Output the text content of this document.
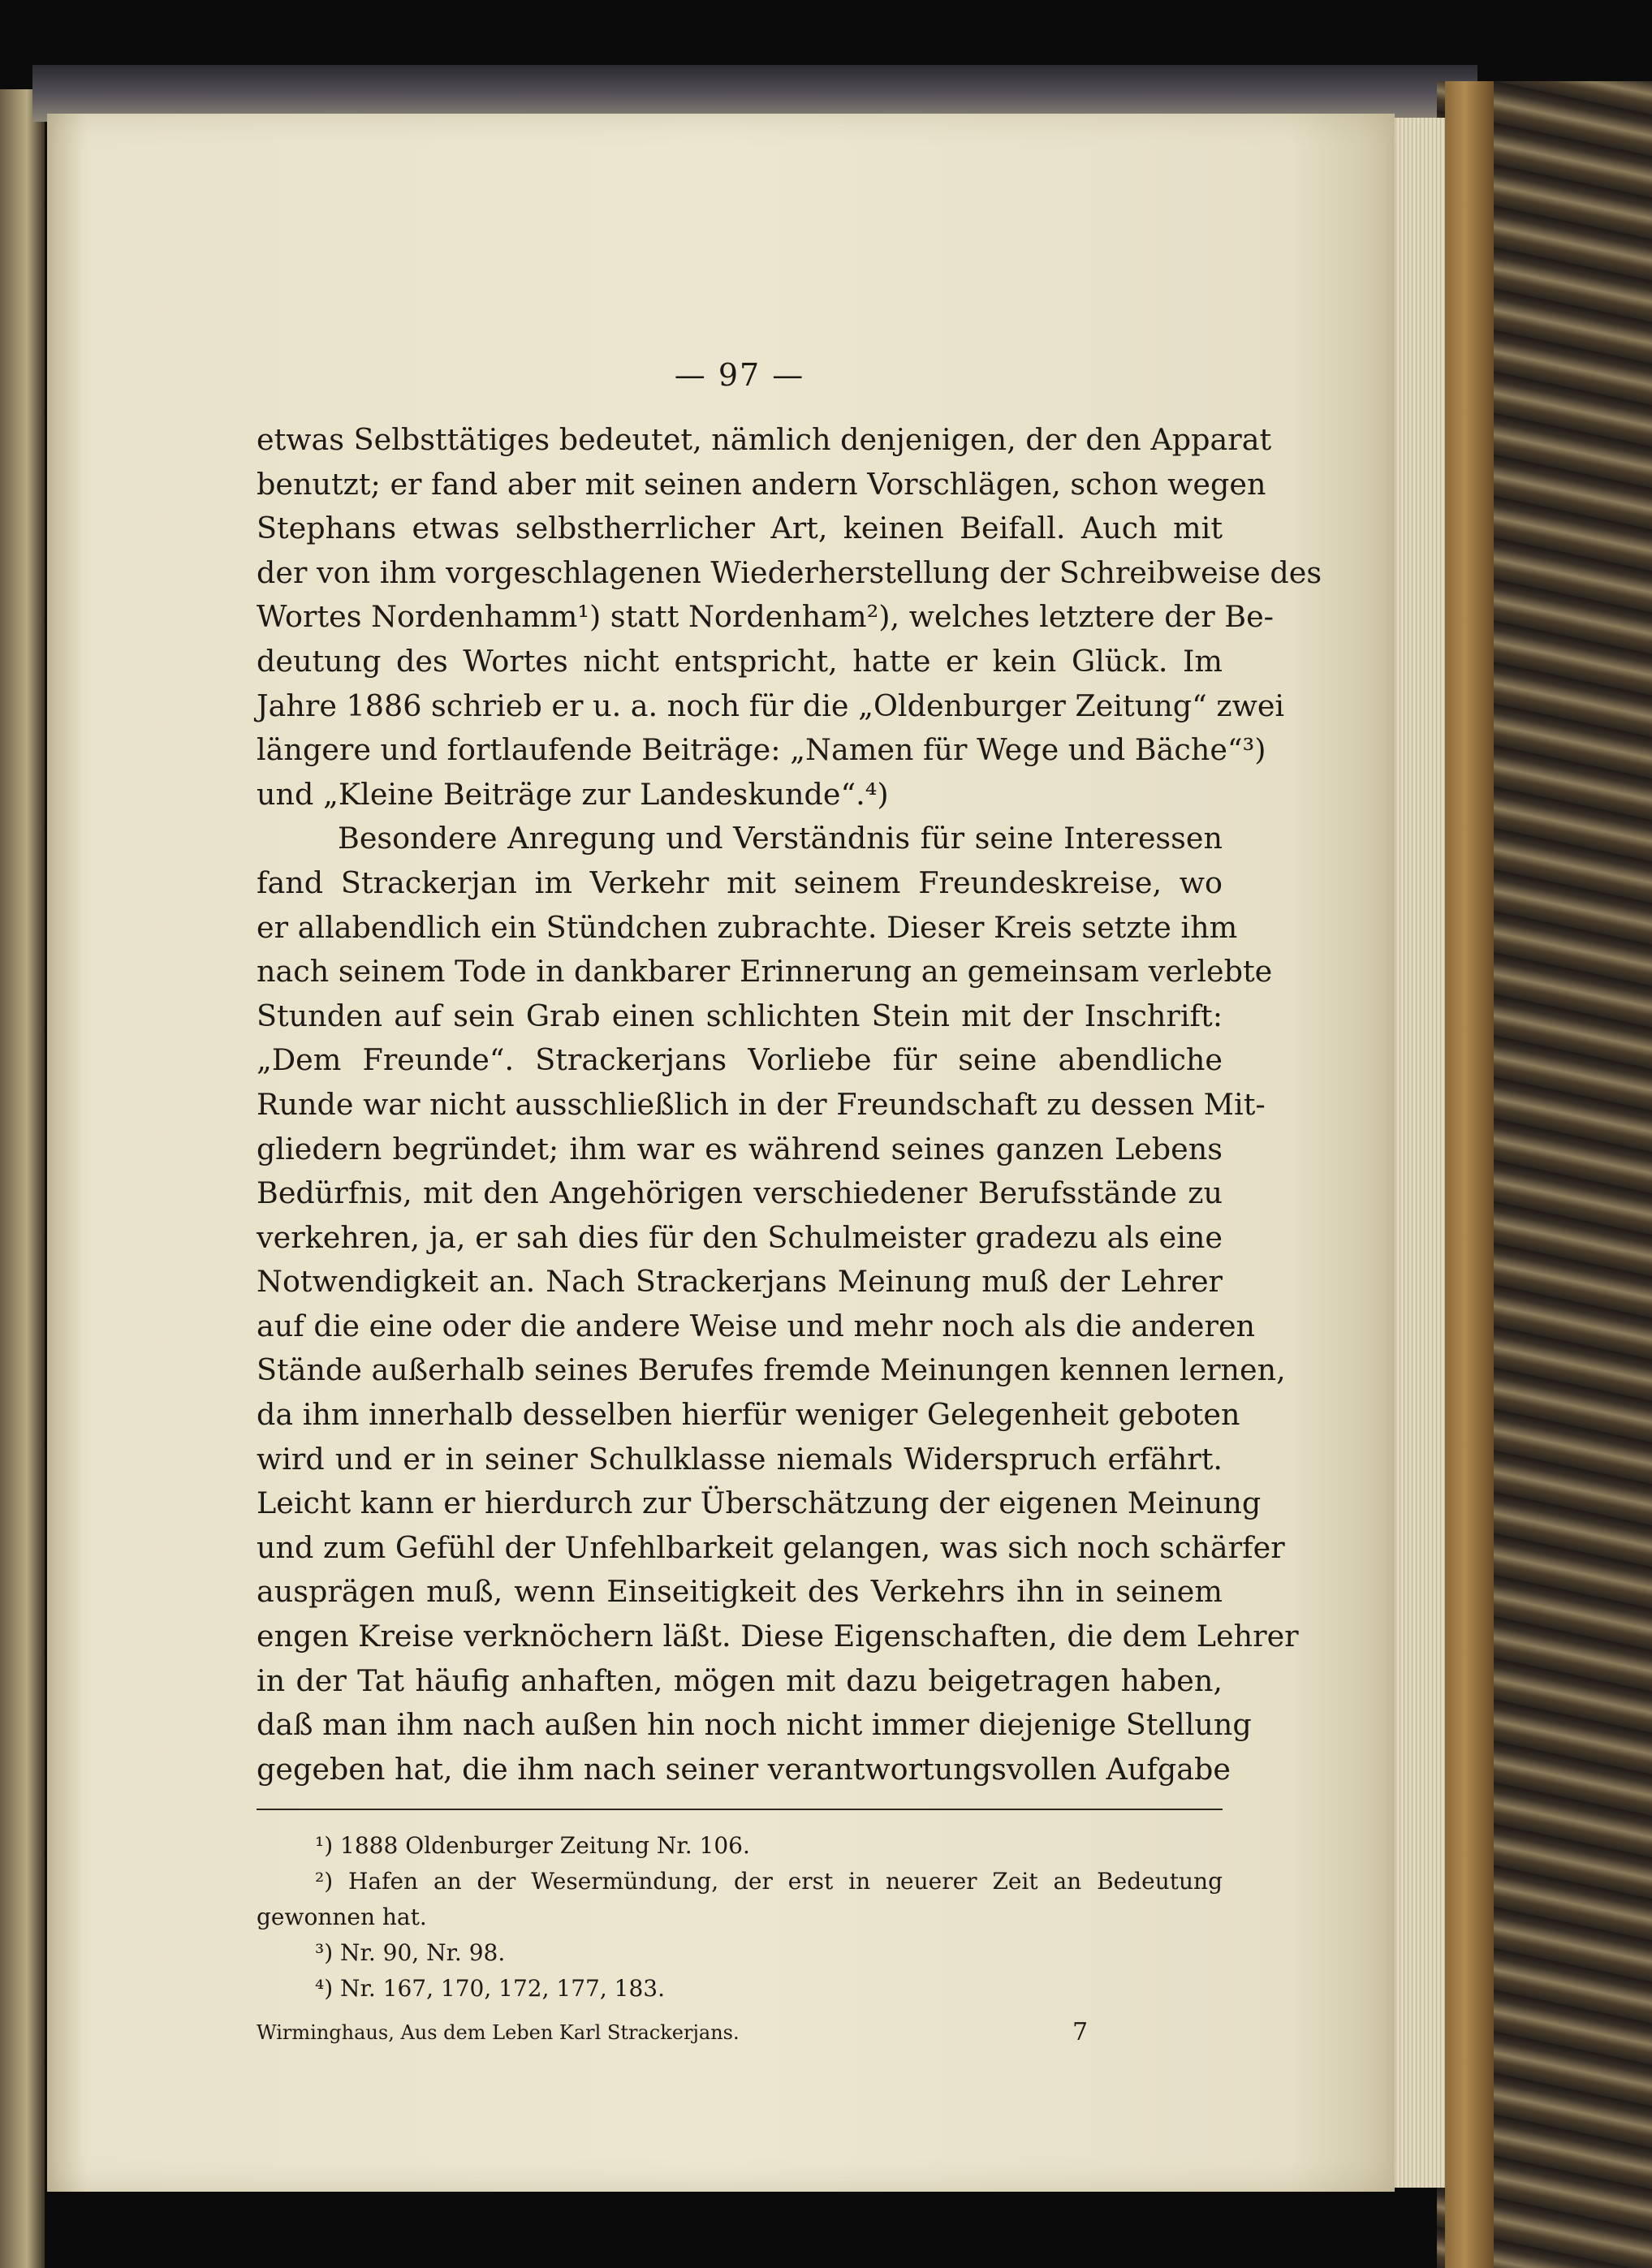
— 97 —
etwas Selbsttätiges bedeutet, nämlich denjenigen, der den Apparat
benutzt; er fand aber mit seinen andern Vorschlägen, schon wegen
Stephans etwas selbstherrlicher Art, keinen Beifall. Auch mit
der von ihm vorgeschlagenen Wiederherstellung der Schreibweise des
Wortes Nordenhamm¹) statt Nordenham²), welches letztere der Be-
deutung des Wortes nicht entspricht, hatte er kein Glück. Im
Jahre 1886 schrieb er u. a. noch für die „Oldenburger Zeitung“ zwei
längere und fortlaufende Beiträge: „Namen für Wege und Bäche“³)
und „Kleine Beiträge zur Landeskunde“.⁴)
Besondere Anregung und Verständnis für seine Interessen
fand Strackerjan im Verkehr mit seinem Freundeskreise, wo
er allabendlich ein Stündchen zubrachte. Dieser Kreis setzte ihm
nach seinem Tode in dankbarer Erinnerung an gemeinsam verlebte
Stunden auf sein Grab einen schlichten Stein mit der Inschrift:
„Dem Freunde“. Strackerjans Vorliebe für seine abendliche
Runde war nicht ausschließlich in der Freundschaft zu dessen Mit-
gliedern begründet; ihm war es während seines ganzen Lebens
Bedürfnis, mit den Angehörigen verschiedener Berufsstände zu
verkehren, ja, er sah dies für den Schulmeister gradezu als eine
Notwendigkeit an. Nach Strackerjans Meinung muß der Lehrer
auf die eine oder die andere Weise und mehr noch als die anderen
Stände außerhalb seines Berufes fremde Meinungen kennen lernen,
da ihm innerhalb desselben hierfür weniger Gelegenheit geboten
wird und er in seiner Schulklasse niemals Widerspruch erfährt.
Leicht kann er hierdurch zur Überschätzung der eigenen Meinung
und zum Gefühl der Unfehlbarkeit gelangen, was sich noch schärfer
ausprägen muß, wenn Einseitigkeit des Verkehrs ihn in seinem
engen Kreise verknöchern läßt. Diese Eigenschaften, die dem Lehrer
in der Tat häufig anhaften, mögen mit dazu beigetragen haben,
daß man ihm nach außen hin noch nicht immer diejenige Stellung
gegeben hat, die ihm nach seiner verantwortungsvollen Aufgabe
¹) 1888 Oldenburger Zeitung Nr. 106.
²) Hafen an der Wesermündung, der erst in neuerer Zeit an Bedeutung
gewonnen hat.
³) Nr. 90, Nr. 98.
⁴) Nr. 167, 170, 172, 177, 183.
Wirminghaus, Aus dem Leben Karl Strackerjans.	7
